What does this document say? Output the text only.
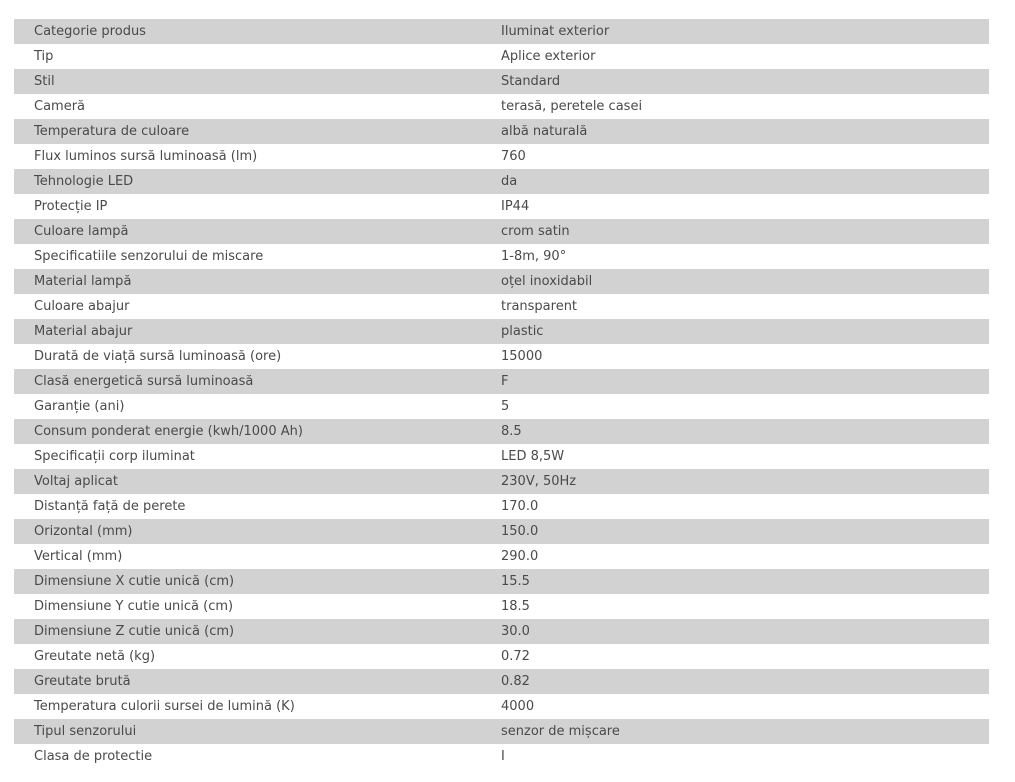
Categorie produs	Iluminat exterior
Tip	Aplice exterior
Stil	Standard
Cameră	terasă, peretele casei
Temperatura de culoare	albă naturală
Flux luminos sursă luminoasă (lm)	760
Tehnologie LED	da
Protecție IP	IP44
Culoare lampă	crom satin
Specificatiile senzorului de miscare	1-8m, 90°
Material lampă	oțel inoxidabil
Culoare abajur	transparent
Material abajur	plastic
Durată de viață sursă luminoasă (ore)	15000
Clasă energetică sursă luminoasă	F
Garanție (ani)	5
Consum ponderat energie (kwh/1000 Ah)	8.5
Specificații corp iluminat	LED 8,5W
Voltaj aplicat	230V, 50Hz
Distanță față de perete	170.0
Orizontal (mm)	150.0
Vertical (mm)	290.0
Dimensiune X cutie unică (cm)	15.5
Dimensiune Y cutie unică (cm)	18.5
Dimensiune Z cutie unică (cm)	30.0
Greutate netă (kg)	0.72
Greutate brută	0.82
Temperatura culorii sursei de lumină (K)	4000
Tipul senzorului	senzor de mișcare
Clasa de protectie	I
